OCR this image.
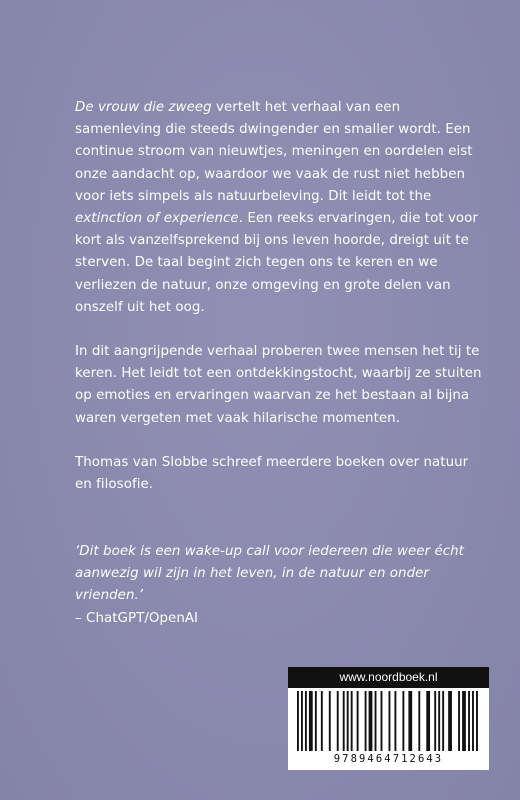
De vrouw die zweeg vertelt het verhaal van een samenleving die steeds dwingender en smaller wordt. Een continue stroom van nieuwtjes, meningen en oordelen eist onze aandacht op, waardoor we vaak de rust niet hebben voor iets simpels als natuurbeleving. Dit leidt tot the extinction of experience. Een reeks ervaringen, die tot voor kort als vanzelfsprekend bij ons leven hoorde, dreigt uit te sterven. De taal begint zich tegen ons te keren en we verliezen de natuur, onze omgeving en grote delen van onszelf uit het oog.

In dit aangrijpende verhaal proberen twee mensen het tij te keren. Het leidt tot een ontdekkingstocht, waarbij ze stuiten op emoties en ervaringen waarvan ze het bestaan al bijna waren vergeten met vaak hilarische momenten.

Thomas van Slobbe schreef meerdere boeken over natuur en filosofie.

‘Dit boek is een wake-up call voor iedereen die weer écht aanwezig wil zijn in het leven, in de natuur en onder vrienden.’

– ChatGPT/OpenAI

www.noordboek.nl
9789464712643
